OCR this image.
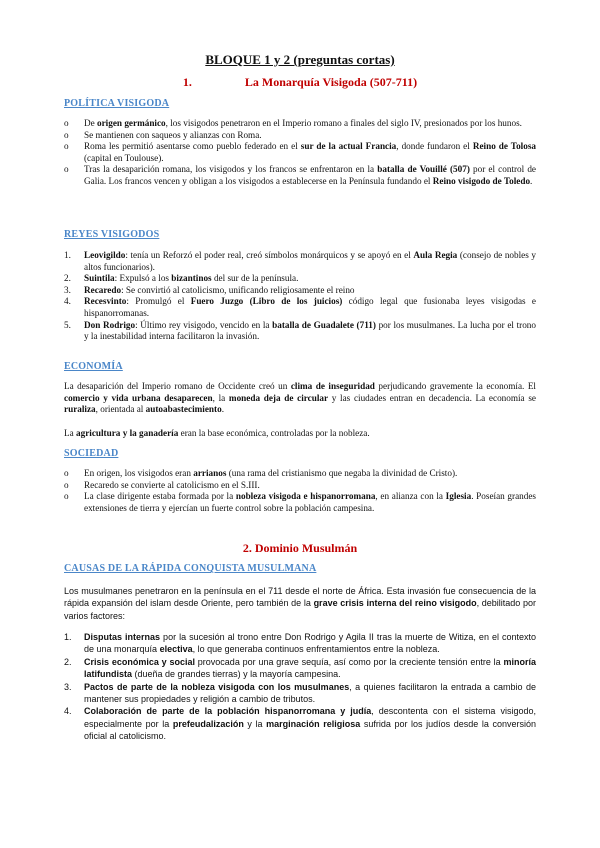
BLOQUE 1 y 2 (preguntas cortas)
1.	La Monarquía Visigoda (507-711)
POLÍTICA VISIGODA
o De origen germánico, los visigodos penetraron en el Imperio romano a finales del siglo IV, presionados por los hunos.
o Se mantienen con saqueos y alianzas con Roma.
o Roma les permitió asentarse como pueblo federado en el sur de la actual Francia, donde fundaron el Reino de Tolosa (capital en Toulouse).
o Tras la desaparición romana, los visigodos y los francos se enfrentaron en la batalla de Vouillé (507) por el control de Galia. Los francos vencen y obligan a los visigodos a establecerse en la Península fundando el Reino visigodo de Toledo.
REYES VISIGODOS
1. Leovigildo: tenía un Reforzó el poder real, creó símbolos monárquicos y se apoyó en el Aula Regia (consejo de nobles y altos funcionarios).
2. Suintila: Expulsó a los bizantinos del sur de la península.
3. Recaredo: Se convirtió al catolicismo, unificando religiosamente el reino
4. Recesvinto: Promulgó el Fuero Juzgo (Libro de los juicios) código legal que fusionaba leyes visigodas e hispanorromanas.
5. Don Rodrigo: Último rey visigodo, vencido en la batalla de Guadalete (711) por los musulmanes. La lucha por el trono y la inestabilidad interna facilitaron la invasión.
ECONOMÍA
La desaparición del Imperio romano de Occidente creó un clima de inseguridad perjudicando gravemente la economía. El comercio y vida urbana desaparecen, la moneda deja de circular y las ciudades entran en decadencia. La economía se ruraliza, orientada al autoabastecimiento.
La agricultura y la ganadería eran la base económica, controladas por la nobleza.
SOCIEDAD
o En origen, los visigodos eran arrianos (una rama del cristianismo que negaba la divinidad de Cristo).
o Recaredo se convierte al catolicismo en el S.III.
o La clase dirigente estaba formada por la nobleza visigoda e hispanorromana, en alianza con la Iglesia. Poseían grandes extensiones de tierra y ejercían un fuerte control sobre la población campesina.
2. Dominio Musulmán
CAUSAS DE LA RÁPIDA CONQUISTA MUSULMANA
Los musulmanes penetraron en la península en el 711 desde el norte de África. Esta invasión fue consecuencia de la rápida expansión del islam desde Oriente, pero también de la grave crisis interna del reino visigodo, debilitado por varios factores:
1. Disputas internas por la sucesión al trono entre Don Rodrigo y Agila II tras la muerte de Witiza, en el contexto de una monarquía electiva, lo que generaba continuos enfrentamientos entre la nobleza.
2. Crisis económica y social provocada por una grave sequía, así como por la creciente tensión entre la minoría latifundista (dueña de grandes tierras) y la mayoría campesina.
3. Pactos de parte de la nobleza visigoda con los musulmanes, a quienes facilitaron la entrada a cambio de mantener sus propiedades y religión a cambio de tributos.
4. Colaboración de parte de la población hispanorromana y judía, descontenta con el sistema visigodo, especialmente por la prefeudalización y la marginación religiosa sufrida por los judíos desde la conversión oficial al catolicismo.
